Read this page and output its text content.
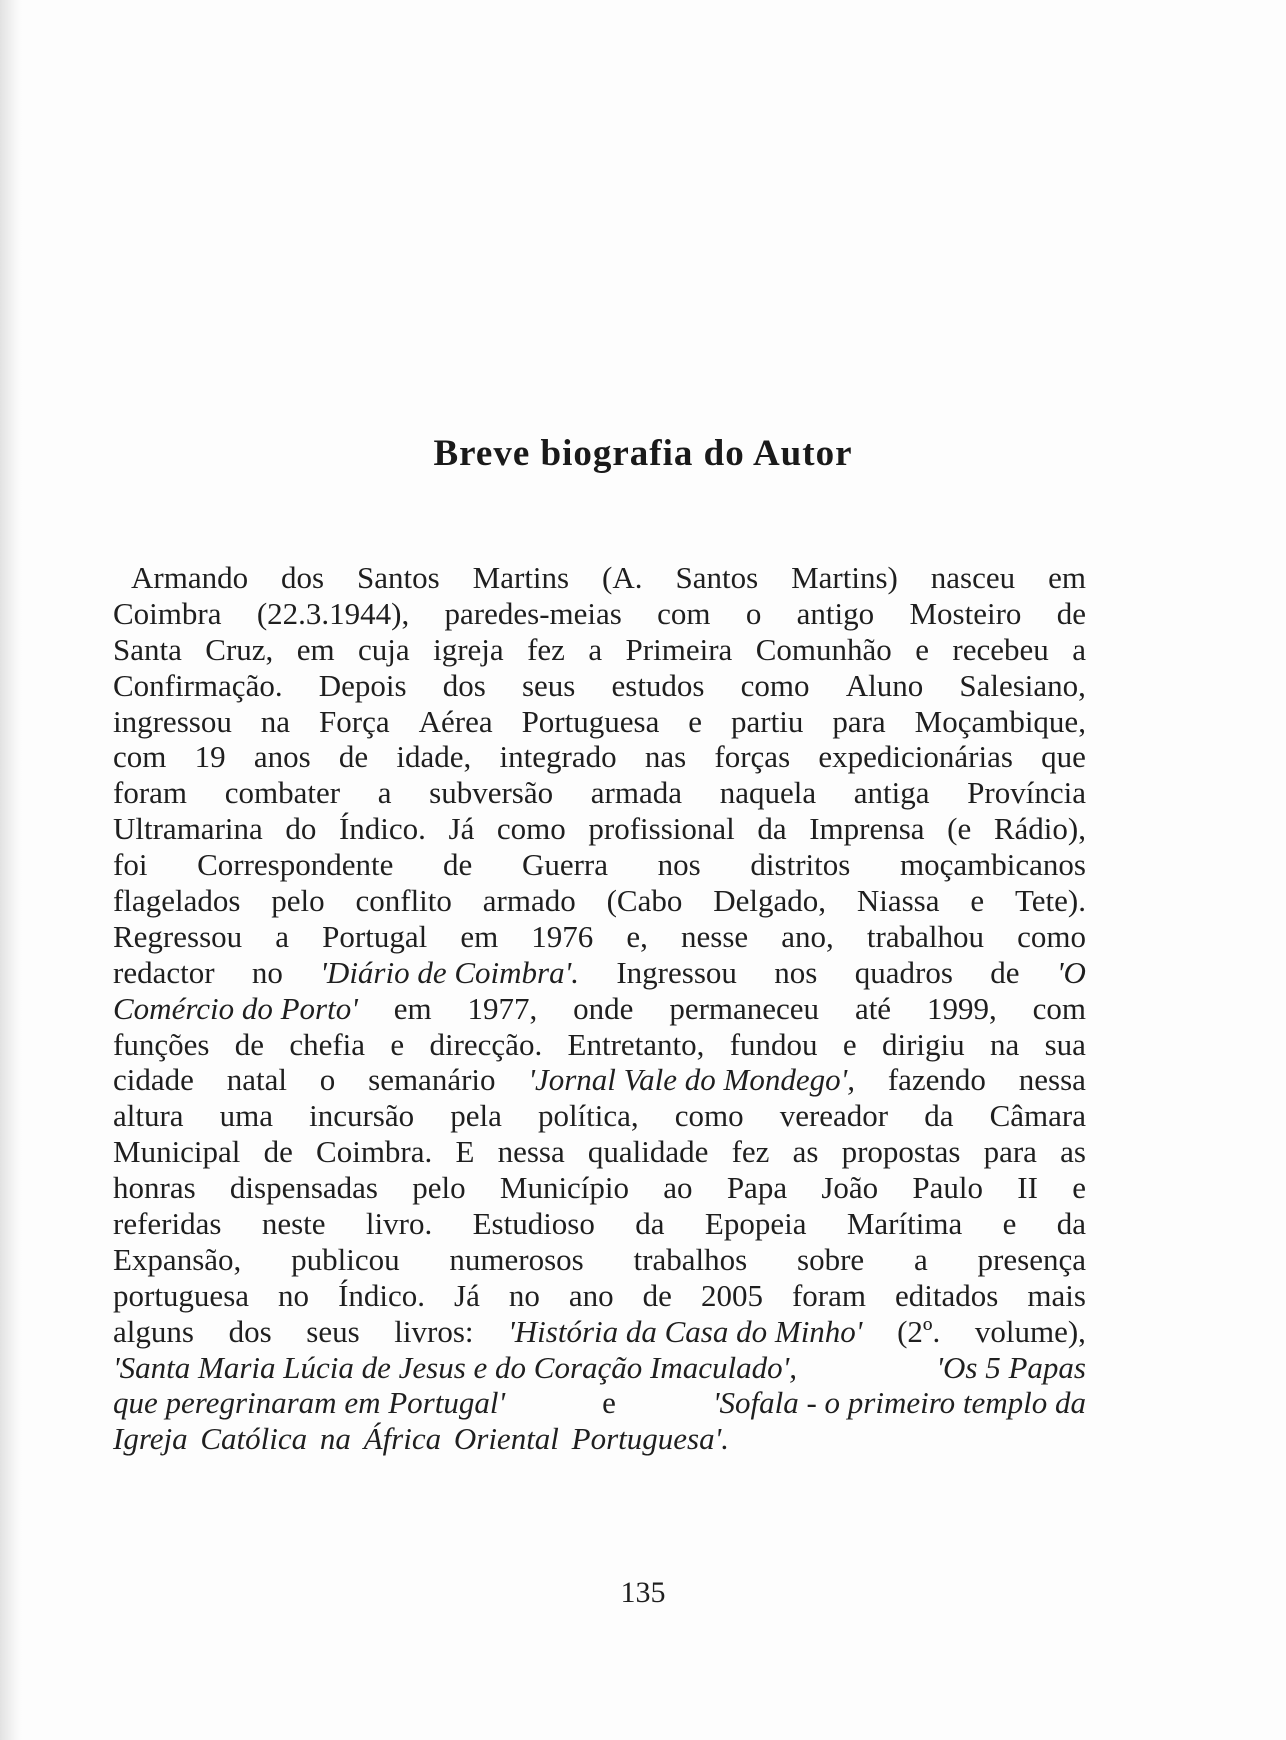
Breve biografia do Autor
Armando dos Santos Martins (A. Santos Martins) nasceu em
Coimbra (22.3.1944), paredes-meias com o antigo Mosteiro de
Santa Cruz, em cuja igreja fez a Primeira Comunhão e recebeu a
Confirmação. Depois dos seus estudos como Aluno Salesiano,
ingressou na Força Aérea Portuguesa e partiu para Moçambique,
com 19 anos de idade, integrado nas forças expedicionárias que
foram combater a subversão armada naquela antiga Província
Ultramarina do Índico. Já como profissional da Imprensa (e Rádio),
foi Correspondente de Guerra nos distritos moçambicanos
flagelados pelo conflito armado (Cabo Delgado, Niassa e Tete).
Regressou a Portugal em 1976 e, nesse ano, trabalhou como
redactor no 'Diário de Coimbra'. Ingressou nos quadros de 'O
Comércio do Porto' em 1977, onde permaneceu até 1999, com
funções de chefia e direcção. Entretanto, fundou e dirigiu na sua
cidade natal o semanário 'Jornal Vale do Mondego', fazendo nessa
altura uma incursão pela política, como vereador da Câmara
Municipal de Coimbra. E nessa qualidade fez as propostas para as
honras dispensadas pelo Município ao Papa João Paulo II e
referidas neste livro. Estudioso da Epopeia Marítima e da
Expansão, publicou numerosos trabalhos sobre a presença
portuguesa no Índico. Já no ano de 2005 foram editados mais
alguns dos seus livros: 'História da Casa do Minho' (2º. volume),
'Santa Maria Lúcia de Jesus e do Coração Imaculado',	'Os 5 Papas
que peregrinaram em Portugal'	e	'Sofala - o primeiro templo da
Igreja Católica na África Oriental Portuguesa'.

135
